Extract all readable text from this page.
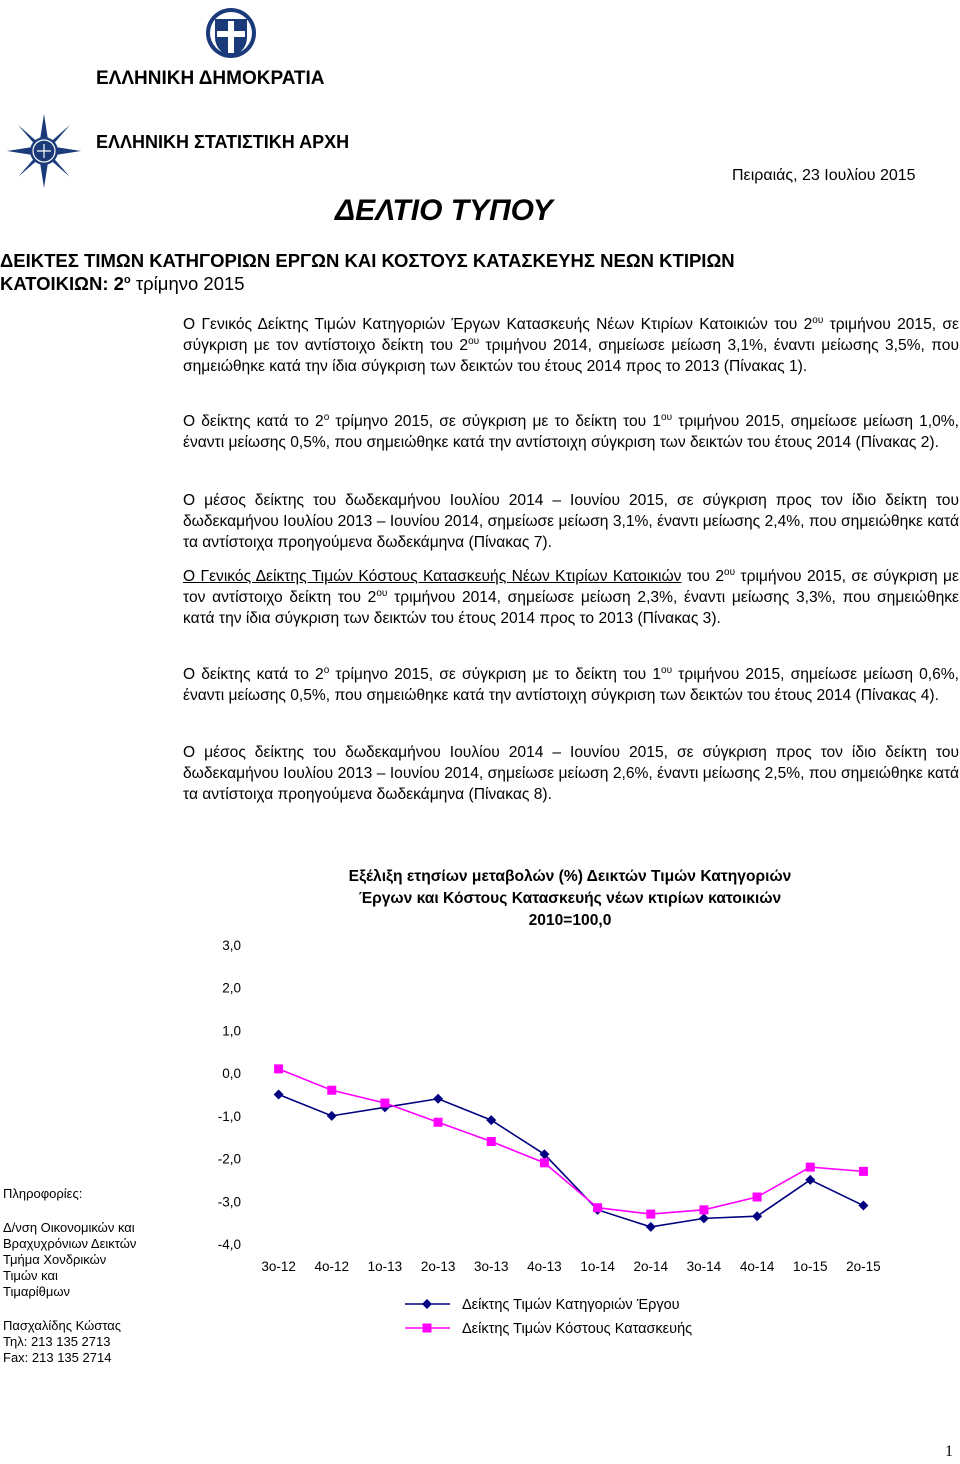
ΕΛΛΗΝΙΚΗ ΔΗΜΟΚΡΑΤΙΑ
ΕΛΛΗΝΙΚΗ ΣΤΑΤΙΣΤΙΚΗ ΑΡΧΗ
Πειραιάς, 23 Ιουλίου 2015
ΔΕΛΤΙΟ ΤΥΠΟΥ
ΔΕΙΚΤΕΣ ΤΙΜΩΝ ΚΑΤΗΓΟΡΙΩΝ ΕΡΓΩΝ ΚΑΙ ΚΟΣΤΟΥΣ ΚΑΤΑΣΚΕΥΗΣ ΝΕΩΝ ΚΤΙΡΙΩΝ
ΚΑΤΟΙΚΙΩΝ: $2^o$ τρίμηνο 2015
Ο Γενικός Δείκτης Τιμών Κατηγοριών Έργων Κατασκευής Νέων Κτιρίων Κατοικιών του $2^{o\upsilon}$ τριμήνου 2015, σε σύγκριση με τον αντίστοιχο δείκτη του $2^{o\upsilon}$ τριμήνου 2014, σημείωσε μείωση 3,1%, έναντι μείωσης 3,5%, που σημειώθηκε κατά την ίδια σύγκριση των δεικτών του έτους 2014 προς το 2013 (Πίνακας 1).
Ο δείκτης κατά το $2^o$ τρίμηνο 2015, σε σύγκριση με το δείκτη του $1^{o\upsilon}$ τριμήνου 2015, σημείωσε μείωση 1,0%, έναντι μείωσης 0,5%, που σημειώθηκε κατά την αντίστοιχη σύγκριση των δεικτών του έτους 2014 (Πίνακας 2).
Ο μέσος δείκτης του δωδεκαμήνου Ιουλίου 2014 – Ιουνίου 2015, σε σύγκριση προς τον ίδιο δείκτη του δωδεκαμήνου Ιουλίου 2013 – Ιουνίου 2014, σημείωσε μείωση 3,1%, έναντι μείωσης 2,4%, που σημειώθηκε κατά τα αντίστοιχα προηγούμενα δωδεκάμηνα (Πίνακας 7).
Ο Γενικός Δείκτης Τιμών Κόστους Κατασκευής Νέων Κτιρίων Κατοικιών του $2^{o\upsilon}$ τριμήνου 2015, σε σύγκριση με τον αντίστοιχο δείκτη του $2^{o\upsilon}$ τριμήνου 2014, σημείωσε μείωση 2,3%, έναντι μείωσης 3,3%, που σημειώθηκε κατά την ίδια σύγκριση των δεικτών του έτους 2014 προς το 2013 (Πίνακας 3).
Ο δείκτης κατά το $2^o$ τρίμηνο 2015, σε σύγκριση με το δείκτη του $1^{o\upsilon}$ τριμήνου 2015, σημείωσε μείωση 0,6%, έναντι μείωσης 0,5%, που σημειώθηκε κατά την αντίστοιχη σύγκριση των δεικτών του έτους 2014 (Πίνακας 4).
Ο μέσος δείκτης του δωδεκαμήνου Ιουλίου 2014 – Ιουνίου 2015, σε σύγκριση προς τον ίδιο δείκτη του δωδεκαμήνου Ιουλίου 2013 – Ιουνίου 2014, σημείωσε μείωση 2,6%, έναντι μείωσης 2,5%, που σημειώθηκε κατά τα αντίστοιχα προηγούμενα δωδεκάμηνα (Πίνακας 8).
Εξέλιξη ετησίων μεταβολών (%) Δεικτών Τιμών Κατηγοριών
Έργων και Κόστους Κατασκευής νέων κτιρίων κατοικιών
2010=100,0
3,0
2,0
1,0
0,0
-1,0
-2,0
-3,0
-4,0
3ο-12 4ο-12 1ο-13 2ο-13 3ο-13 4ο-13 1ο-14 2ο-14 3ο-14 4ο-14 1ο-15 2ο-15
Δείκτης Τιμών Κατηγοριών Έργου
Δείκτης Τιμών Κόστους Κατασκευής
Πληροφορίες:
Δ/νση Οικονομικών και
Βραχυχρόνιων Δεικτών
Τμήμα Χονδρικών
Τιμών και
Τιμαρίθμων
Πασχαλίδης Κώστας
Τηλ: 213 135 2713
Fax: 213 135 2714
1
